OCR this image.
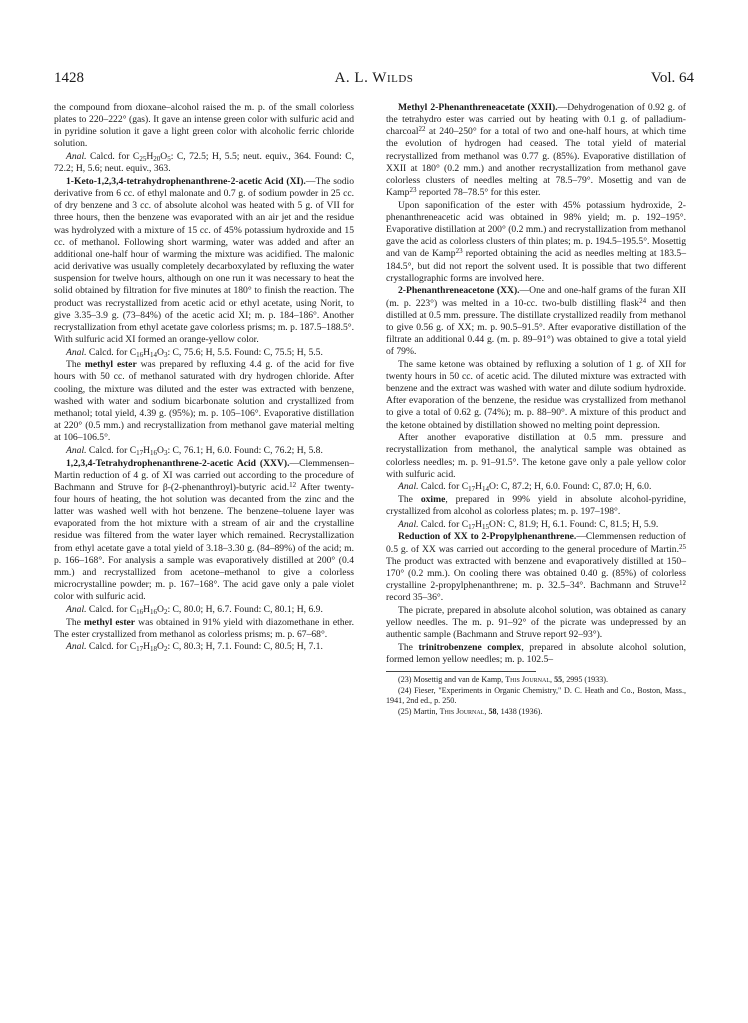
1428	A. L. Wilds	Vol. 64

the compound from dioxane–alcohol raised the m. p. of the small colorless plates to 220–222° (gas). It gave an intense green color with sulfuric acid and in pyridine solution it gave a light green color with alcoholic ferric chloride solution.

Anal. Calcd. for $C_{25}H_{20}O_5$: C, 72.5; H, 5.5; neut. equiv., 364. Found: C, 72.2; H, 5.6; neut. equiv., 363.

1-Keto-1,2,3,4-tetrahydrophenanthrene-2-acetic Acid (XI).—The sodio derivative from 6 cc. of ethyl malonate and 0.7 g. of sodium powder in 25 cc. of dry benzene and 3 cc. of absolute alcohol was heated with 5 g. of VII for three hours, then the benzene was evaporated with an air jet and the residue was hydrolyzed with a mixture of 15 cc. of 45% potassium hydroxide and 15 cc. of methanol. Following short warming, water was added and after an additional one-half hour of warming the mixture was acidified. The malonic acid derivative was usually completely decarboxylated by refluxing the water suspension for twelve hours, although on one run it was necessary to heat the solid obtained by filtration for five minutes at 180° to finish the reaction. The product was recrystallized from acetic acid or ethyl acetate, using Norit, to give 3.35–3.9 g. (73–84%) of the acetic acid XI; m. p. 184–186°. Another recrystallization from ethyl acetate gave colorless prisms; m. p. 187.5–188.5°. With sulfuric acid XI formed an orange-yellow color.

Anal. Calcd. for $C_{16}H_{14}O_3$: C, 75.6; H, 5.5. Found: C, 75.5; H, 5.5.

The methyl ester was prepared by refluxing 4.4 g. of the acid for five hours with 50 cc. of methanol saturated with dry hydrogen chloride. After cooling, the mixture was diluted and the ester was extracted with benzene, washed with water and sodium bicarbonate solution and crystallized from methanol; total yield, 4.39 g. (95%); m. p. 105–106°. Evaporative distillation at 220° (0.5 mm.) and recrystallization from methanol gave material melting at 106–106.5°.

Anal. Calcd. for $C_{17}H_{16}O_3$: C, 76.1; H, 6.0. Found: C, 76.2; H, 5.8.

1,2,3,4-Tetrahydrophenanthrene-2-acetic Acid (XXV).—Clemmensen–Martin reduction of 4 g. of XI was carried out according to the procedure of Bachmann and Struve for β-(2-phenanthroyl)-butyric acid.$^{12}$ After twenty-four hours of heating, the hot solution was decanted from the zinc and the latter was washed well with hot benzene. The benzene–toluene layer was evaporated from the hot mixture with a stream of air and the crystalline residue was filtered from the water layer which remained. Recrystallization from ethyl acetate gave a total yield of 3.18–3.30 g. (84–89%) of the acid; m. p. 166–168°. For analysis a sample was evaporatively distilled at 200° (0.4 mm.) and recrystallized from acetone–methanol to give a colorless microcrystalline powder; m. p. 167–168°. The acid gave only a pale violet color with sulfuric acid.

Anal. Calcd. for $C_{16}H_{16}O_2$: C, 80.0; H, 6.7. Found: C, 80.1; H, 6.9.

The methyl ester was obtained in 91% yield with diazomethane in ether. The ester crystallized from methanol as colorless prisms; m. p. 67–68°.

Anal. Calcd. for $C_{17}H_{18}O_2$: C, 80.3; H, 7.1. Found: C, 80.5; H, 7.1.

Methyl 2-Phenanthreneacetate (XXII).—Dehydrogenation of 0.92 g. of the tetrahydro ester was carried out by heating with 0.1 g. of palladium-charcoal$^{22}$ at 240–250° for a total of two and one-half hours, at which time the evolution of hydrogen had ceased. The total yield of material recrystallized from methanol was 0.77 g. (85%). Evaporative distillation of XXII at 180° (0.2 mm.) and another recrystallization from methanol gave colorless clusters of needles melting at 78.5–79°. Mosettig and van de Kamp$^{23}$ reported 78–78.5° for this ester.

Upon saponification of the ester with 45% potassium hydroxide, 2-phenanthreneacetic acid was obtained in 98% yield; m. p. 192–195°. Evaporative distillation at 200° (0.2 mm.) and recrystallization from methanol gave the acid as colorless clusters of thin plates; m. p. 194.5–195.5°. Mosettig and van de Kamp$^{23}$ reported obtaining the acid as needles melting at 183.5–184.5°, but did not report the solvent used. It is possible that two different crystallographic forms are involved here.

2-Phenanthreneacetone (XX).—One and one-half grams of the furan XII (m. p. 223°) was melted in a 10-cc. two-bulb distilling flask$^{24}$ and then distilled at 0.5 mm. pressure. The distillate crystallized readily from methanol to give 0.56 g. of XX; m. p. 90.5–91.5°. After evaporative distillation of the filtrate an additional 0.44 g. (m. p. 89–91°) was obtained to give a total yield of 79%.

The same ketone was obtained by refluxing a solution of 1 g. of XII for twenty hours in 50 cc. of acetic acid. The diluted mixture was extracted with benzene and the extract was washed with water and dilute sodium hydroxide. After evaporation of the benzene, the residue was crystallized from methanol to give a total of 0.62 g. (74%); m. p. 88–90°. A mixture of this product and the ketone obtained by distillation showed no melting point depression.

After another evaporative distillation at 0.5 mm. pressure and recrystallization from methanol, the analytical sample was obtained as colorless needles; m. p. 91–91.5°. The ketone gave only a pale yellow color with sulfuric acid.

Anal. Calcd. for $C_{17}H_{14}O$: C, 87.2; H, 6.0. Found: C, 87.0; H, 6.0.

The oxime, prepared in 99% yield in absolute alcohol-pyridine, crystallized from alcohol as colorless plates; m. p. 197–198°.

Anal. Calcd. for $C_{17}H_{15}ON$: C, 81.9; H, 6.1. Found: C, 81.5; H, 5.9.

Reduction of XX to 2-Propylphenanthrene.—Clemmensen reduction of 0.5 g. of XX was carried out according to the general procedure of Martin.$^{25}$ The product was extracted with benzene and evaporatively distilled at 150–170° (0.2 mm.). On cooling there was obtained 0.40 g. (85%) of colorless crystalline 2-propylphenanthrene; m. p. 32.5–34°. Bachmann and Struve$^{12}$ record 35–36°.

The picrate, prepared in absolute alcohol solution, was obtained as canary yellow needles. The m. p. 91–92° of the picrate was undepressed by an authentic sample (Bachmann and Struve report 92–93°).

The trinitrobenzene complex, prepared in absolute alcohol solution, formed lemon yellow needles; m. p. 102.5–

(23) Mosettig and van de Kamp, This Journal, 55, 2995 (1933).

(24) Fieser, "Experiments in Organic Chemistry," D. C. Heath and Co., Boston, Mass., 1941, 2nd ed., p. 250.

(25) Martin, This Journal, 58, 1438 (1936).
